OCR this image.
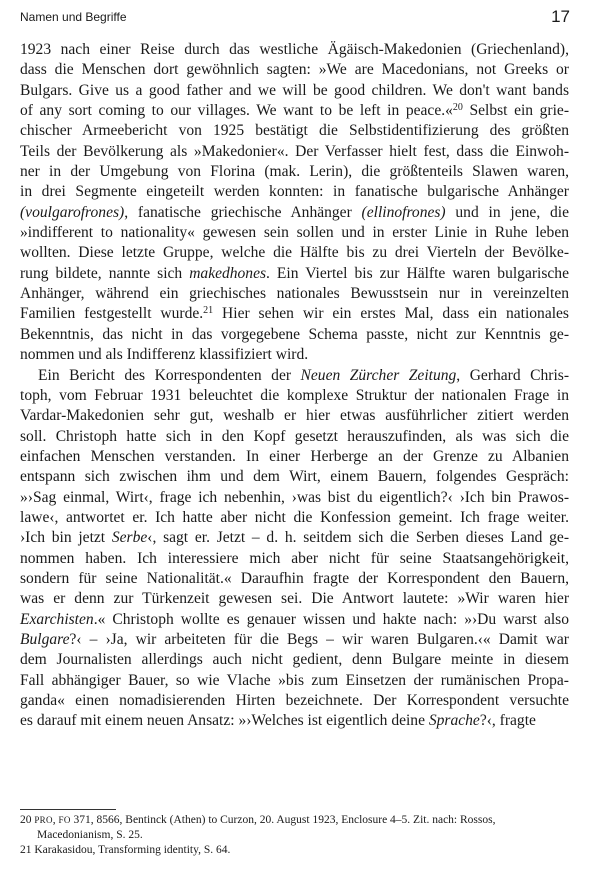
Namen und Begriffe	17
1923 nach einer Reise durch das westliche Ägäisch-Makedonien (Griechenland),
dass die Menschen dort gewöhnlich sagten: »We are Macedonians, not Greeks or
Bulgars. Give us a good father and we will be good children. We don't want bands
of any sort coming to our villages. We want to be left in peace.«$^{20}$ Selbst ein grie-
chischer Armeebericht von 1925 bestätigt die Selbstidentifizierung des größten
Teils der Bevölkerung als »Makedonier«. Der Verfasser hielt fest, dass die Einwoh-
ner in der Umgebung von Florina (mak. Lerin), die größtenteils Slawen waren,
in drei Segmente eingeteilt werden konnten: in fanatische bulgarische Anhänger
(voulgarofrones), fanatische griechische Anhänger (ellinofrones) und in jene, die
»indifferent to nationality« gewesen sein sollen und in erster Linie in Ruhe leben
wollten. Diese letzte Gruppe, welche die Hälfte bis zu drei Vierteln der Bevölke-
rung bildete, nannte sich makedhones. Ein Viertel bis zur Hälfte waren bulgarische
Anhänger, während ein griechisches nationales Bewusstsein nur in vereinzelten
Familien festgestellt wurde.$^{21}$ Hier sehen wir ein erstes Mal, dass ein nationales
Bekenntnis, das nicht in das vorgegebene Schema passte, nicht zur Kenntnis ge-
nommen und als Indifferenz klassifiziert wird.
Ein Bericht des Korrespondenten der Neuen Zürcher Zeitung, Gerhard Chris-
toph, vom Februar 1931 beleuchtet die komplexe Struktur der nationalen Frage in
Vardar-Makedonien sehr gut, weshalb er hier etwas ausführlicher zitiert werden
soll. Christoph hatte sich in den Kopf gesetzt herauszufinden, als was sich die
einfachen Menschen verstanden. In einer Herberge an der Grenze zu Albanien
entspann sich zwischen ihm und dem Wirt, einem Bauern, folgendes Gespräch:
»›Sag einmal, Wirt‹, frage ich nebenhin, ›was bist du eigentlich?‹ ›Ich bin Prawos-
lawe‹, antwortet er. Ich hatte aber nicht die Konfession gemeint. Ich frage weiter.
›Ich bin jetzt Serbe‹, sagt er. Jetzt – d. h. seitdem sich die Serben dieses Land ge-
nommen haben. Ich interessiere mich aber nicht für seine Staatsangehörigkeit,
sondern für seine Nationalität.« Daraufhin fragte der Korrespondent den Bauern,
was er denn zur Türkenzeit gewesen sei. Die Antwort lautete: »Wir waren hier
Exarchisten.« Christoph wollte es genauer wissen und hakte nach: »›Du warst also
Bulgare?‹ – ›Ja, wir arbeiteten für die Begs – wir waren Bulgaren.‹« Damit war
dem Journalisten allerdings auch nicht gedient, denn Bulgare meinte in diesem
Fall abhängiger Bauer, so wie Vlache »bis zum Einsetzen der rumänischen Propa-
ganda« einen nomadisierenden Hirten bezeichnete. Der Korrespondent versuchte
es darauf mit einem neuen Ansatz: »›Welches ist eigentlich deine Sprache?‹, fragte
20 PRO, FO 371, 8566, Bentinck (Athen) to Curzon, 20. August 1923, Enclosure 4–5. Zit. nach: Rossos,
Macedonianism, S. 25.
21 Karakasidou, Transforming identity, S. 64.
